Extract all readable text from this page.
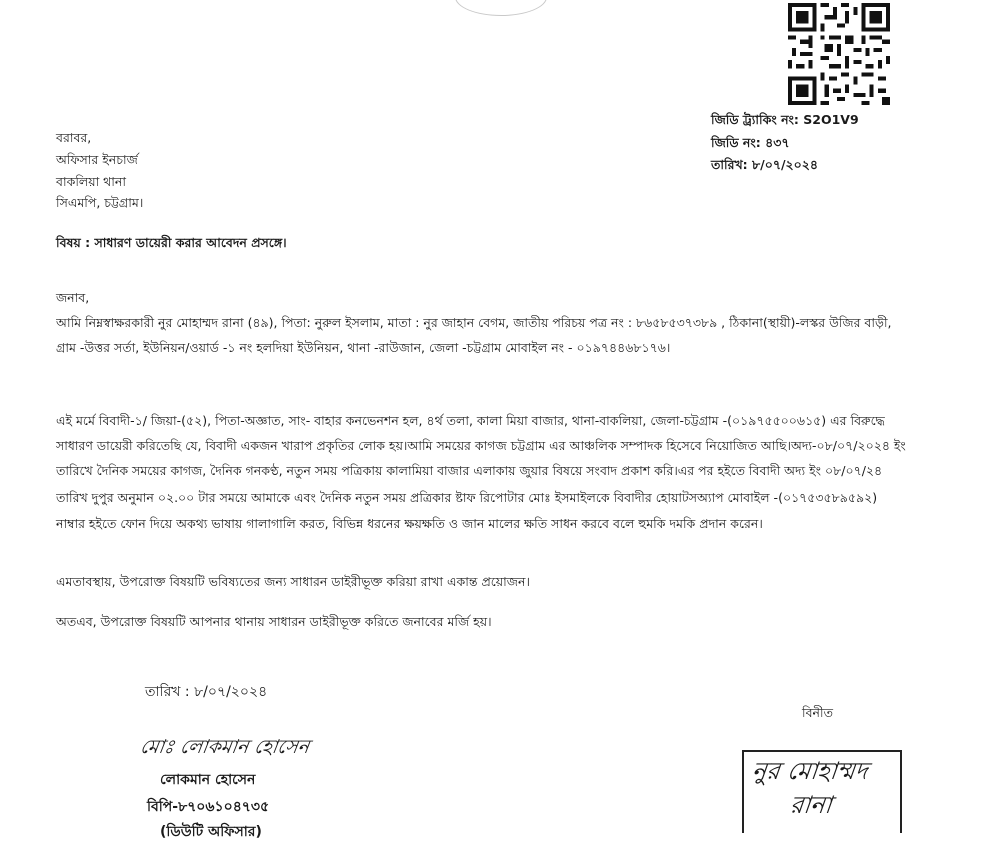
জিডি ট্র্যাকিং নং: S2O1V9
জিডি নং: ৪৩৭
তারিখ: ৮/০৭/২০২৪
বরাবর,
অফিসার ইনচার্জ
বাকলিয়া থানা
সিএমপি, চট্টগ্রাম।
বিষয় : সাধারণ ডায়েরী করার আবেদন প্রসঙ্গে।
জনাব,
আমি নিম্নস্বাক্ষরকারী নুর মোহাম্মদ রানা (৪৯), পিতা: নুরুল ইসলাম, মাতা : নুর জাহান বেগম, জাতীয় পরিচয় পত্র নং : ৮৬৫৮৫৩৭৩৮৯ , ঠিকানা(স্থায়ী)-লস্কর উজির বাড়ী,
গ্রাম -উত্তর সর্তা, ইউনিয়ন/ওয়ার্ড -১ নং হলদিয়া ইউনিয়ন, থানা -রাউজান, জেলা -চট্টগ্রাম মোবাইল নং - ০১৯৭৪৪৬৮১৭৬।
এই মর্মে বিবাদী-১/ জিয়া-(৫২), পিতা-অজ্ঞাত, সাং- বাহার কনভেনশন হল, ৪র্থ তলা, কালা মিয়া বাজার, থানা-বাকলিয়া, জেলা-চট্টগ্রাম -(০১৯৭৫৫০০৬১৫) এর বিরুদ্ধে
সাধারণ ডায়েরী করিতেছি যে, বিবাদী একজন খারাপ প্রকৃতির লোক হয়।আমি সময়ের কাগজ চট্টগ্রাম এর আঞ্চলিক সম্পাদক হিসেবে নিয়োজিত আছি।অদ্য-০৮/০৭/২০২৪ ইং
তারিখে দৈনিক সময়ের কাগজ, দৈনিক গনকণ্ঠ, নতুন সময় পত্রিকায় কালামিয়া বাজার এলাকায় জুয়ার বিষয়ে সংবাদ প্রকাশ করি।এর পর হইতে বিবাদী অদ্য ইং ০৮/০৭/২৪
তারিখ দুপুর অনুমান ০২.০০ টার সময়ে আমাকে এবং দৈনিক নতুন সময় প্রত্রিকার ষ্টাফ রিপোটার মোঃ ইসমাইলকে বিবাদীর হোয়াটসঅ্যাপ মোবাইল -(০১৭৫৩৫৮৯৫৯২)
নাম্বার হইতে ফোন দিয়ে অকথ্য ভাষায় গালাগালি করত, বিভিন্ন ধরনের ক্ষয়ক্ষতি ও জান মালের ক্ষতি সাধন করবে বলে হুমকি দমকি প্রদান করেন।
এমতাবস্থায়, উপরোক্ত বিষয়টি ভবিষ্যতের জন্য সাধারন ডাইরীভূক্ত করিয়া রাখা একান্ত প্রয়োজন।
অতএব, উপরোক্ত বিষয়টি আপনার থানায় সাধারন ডাইরীভূক্ত করিতে জনাবের মর্জি হয়।
তারিখ : ৮/০৭/২০২৪
মোঃ লোকমান হোসেন
লোকমান হোসেন
বিপি-৮৭০৬১০৪৭৩৫
(ডিউটি অফিসার)
বিনীত
নুর মোহাম্মদ
রানা
